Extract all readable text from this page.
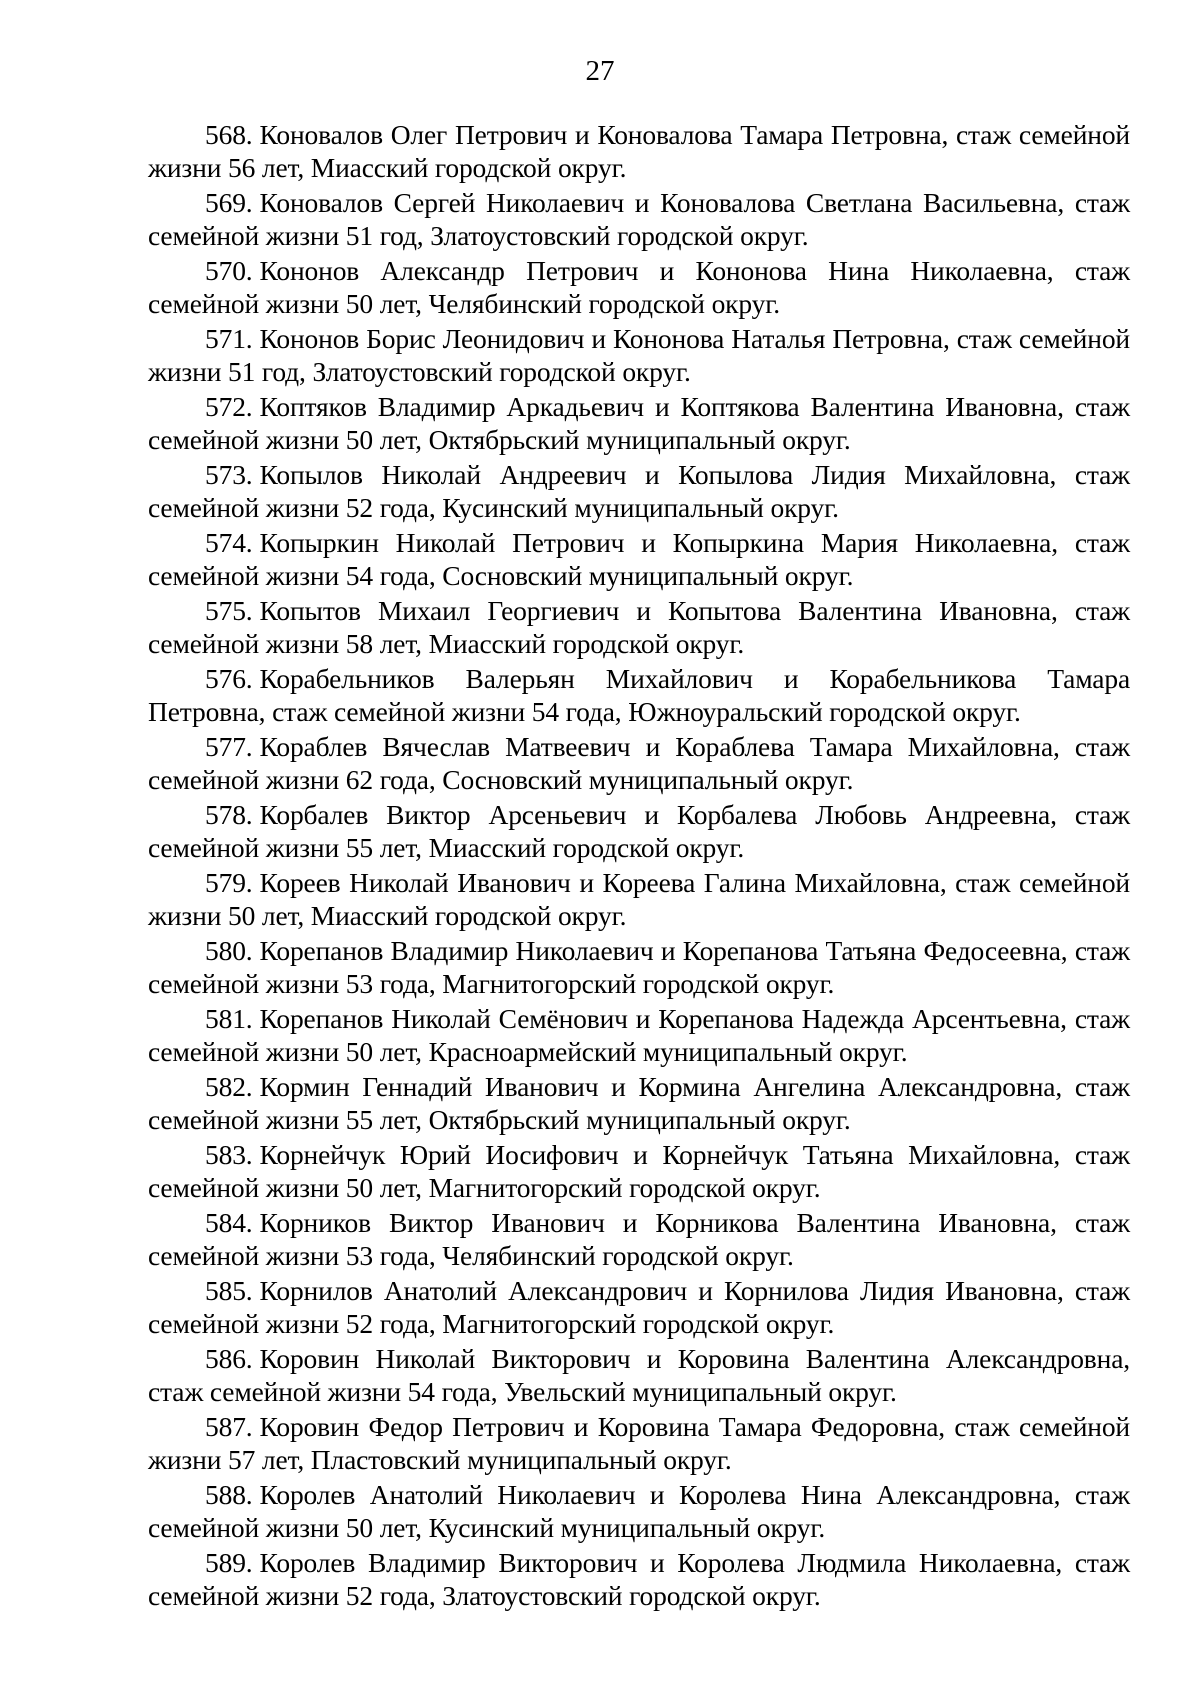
27
568. Коновалов Олег Петрович и Коновалова Тамара Петровна, стаж семейной жизни 56 лет, Миасский городской округ.
569. Коновалов Сергей Николаевич и Коновалова Светлана Васильевна, стаж семейной жизни 51 год, Златоустовский городской округ.
570. Кононов Александр Петрович и Кононова Нина Николаевна, стаж семейной жизни 50 лет, Челябинский городской округ.
571. Кононов Борис Леонидович и Кононова Наталья Петровна, стаж семейной жизни 51 год, Златоустовский городской округ.
572. Коптяков Владимир Аркадьевич и Коптякова Валентина Ивановна, стаж семейной жизни 50 лет, Октябрьский муниципальный округ.
573. Копылов Николай Андреевич и Копылова Лидия Михайловна, стаж семейной жизни 52 года, Кусинский муниципальный округ.
574. Копыркин Николай Петрович и Копыркина Мария Николаевна, стаж семейной жизни 54 года, Сосновский муниципальный округ.
575. Копытов Михаил Георгиевич и Копытова Валентина Ивановна, стаж семейной жизни 58 лет, Миасский городской округ.
576. Корабельников Валерьян Михайлович и Корабельникова Тамара Петровна, стаж семейной жизни 54 года, Южноуральский городской округ.
577. Кораблев Вячеслав Матвеевич и Кораблева Тамара Михайловна, стаж семейной жизни 62 года, Сосновский муниципальный округ.
578. Корбалев Виктор Арсеньевич и Корбалева Любовь Андреевна, стаж семейной жизни 55 лет, Миасский городской округ.
579. Кореев Николай Иванович и Кореева Галина Михайловна, стаж семейной жизни 50 лет, Миасский городской округ.
580. Корепанов Владимир Николаевич и Корепанова Татьяна Федосеевна, стаж семейной жизни 53 года, Магнитогорский городской округ.
581. Корепанов Николай Семёнович и Корепанова Надежда Арсентьевна, стаж семейной жизни 50 лет, Красноармейский муниципальный округ.
582. Кормин Геннадий Иванович и Кормина Ангелина Александровна, стаж семейной жизни 55 лет, Октябрьский муниципальный округ.
583. Корнейчук Юрий Иосифович и Корнейчук Татьяна Михайловна, стаж семейной жизни 50 лет, Магнитогорский городской округ.
584. Корников Виктор Иванович и Корникова Валентина Ивановна, стаж семейной жизни 53 года, Челябинский городской округ.
585. Корнилов Анатолий Александрович и Корнилова Лидия Ивановна, стаж семейной жизни 52 года, Магнитогорский городской округ.
586. Коровин Николай Викторович и Коровина Валентина Александровна, стаж семейной жизни 54 года, Увельский муниципальный округ.
587. Коровин Федор Петрович и Коровина Тамара Федоровна, стаж семейной жизни 57 лет, Пластовский муниципальный округ.
588. Королев Анатолий Николаевич и Королева Нина Александровна, стаж семейной жизни 50 лет, Кусинский муниципальный округ.
589. Королев Владимир Викторович и Королева Людмила Николаевна, стаж семейной жизни 52 года, Златоустовский городской округ.
